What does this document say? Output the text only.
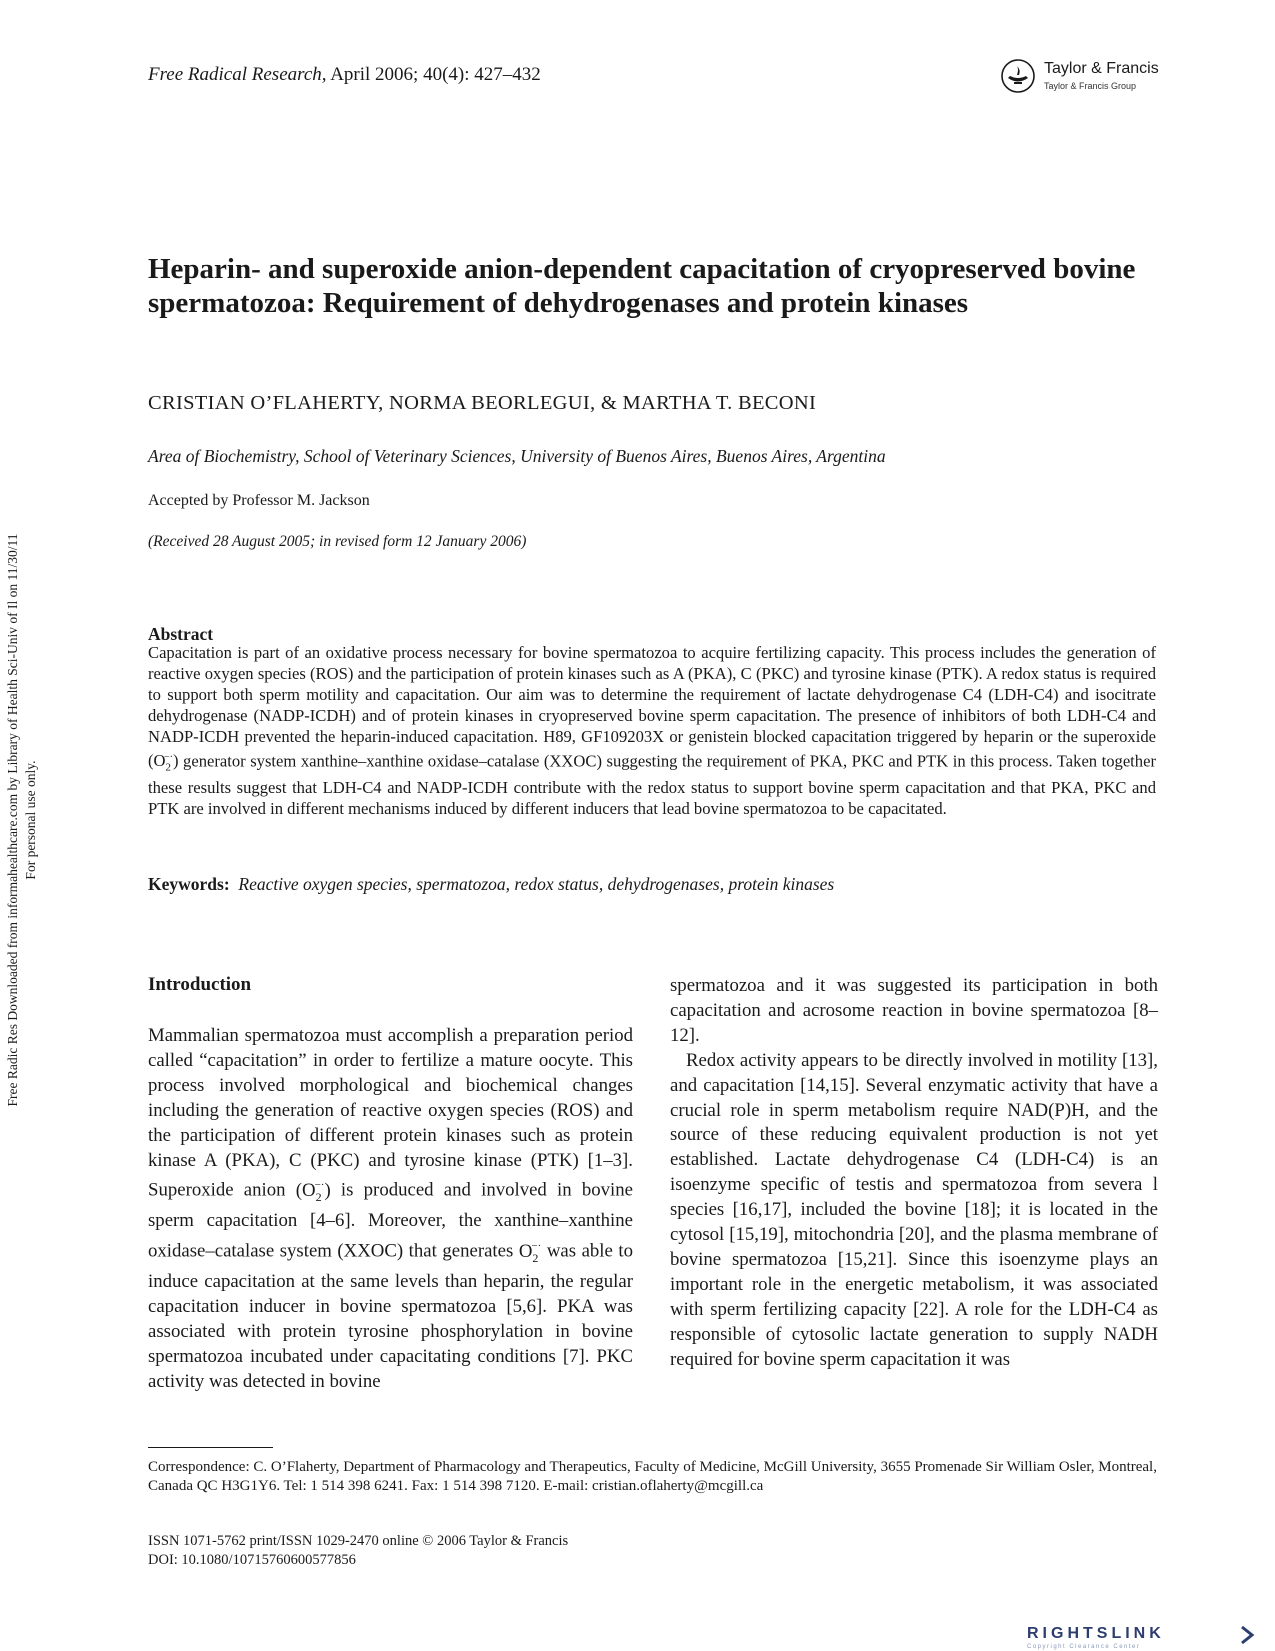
Free Radic Res Downloaded from informahealthcare.com by Library of Health Sci-Univ of Il on 11/30/11 For personal use only.
Free Radical Research, April 2006; 40(4): 427–432	Taylor & Francis
Taylor & Francis Group
Heparin- and superoxide anion-dependent capacitation of cryopreserved bovine spermatozoa: Requirement of dehydrogenases and protein kinases
CRISTIAN O’FLAHERTY, NORMA BEORLEGUI, & MARTHA T. BECONI
Area of Biochemistry, School of Veterinary Sciences, University of Buenos Aires, Buenos Aires, Argentina
Accepted by Professor M. Jackson
(Received 28 August 2005; in revised form 12 January 2006)
Abstract
Capacitation is part of an oxidative process necessary for bovine spermatozoa to acquire fertilizing capacity. This process includes the generation of reactive oxygen species (ROS) and the participation of protein kinases such as A (PKA), C (PKC) and tyrosine kinase (PTK). A redox status is required to support both sperm motility and capacitation. Our aim was to determine the requirement of lactate dehydrogenase C4 (LDH-C4) and isocitrate dehydrogenase (NADP-ICDH) and of protein kinases in cryopreserved bovine sperm capacitation. The presence of inhibitors of both LDH-C4 and NADP-ICDH prevented the heparin-induced capacitation. H89, GF109203X or genistein blocked capacitation triggered by heparin or the superoxide $(O_2^{-\cdot})$ generator system xanthine–xanthine oxidase–catalase (XXOC) suggesting the requirement of PKA, PKC and PTK in this process. Taken together these results suggest that LDH-C4 and NADP-ICDH contribute with the redox status to support bovine sperm capacitation and that PKA, PKC and PTK are involved in different mechanisms induced by different inducers that lead bovine spermatozoa to be capacitated.
Keywords: Reactive oxygen species, spermatozoa, redox status, dehydrogenases, protein kinases
Introduction

Mammalian spermatozoa must accomplish a preparation period called “capacitation” in order to fertilize a mature oocyte. This process involved morphological and biochemical changes including the generation of reactive oxygen species (ROS) and the participation of different protein kinases such as protein kinase A (PKA), C (PKC) and tyrosine kinase (PTK) [1–3]. Superoxide anion $(O_2^{-\cdot})$ is produced and involved in bovine sperm capacitation [4–6]. Moreover, the xanthine–xanthine oxidase–catalase system (XXOC) that generates $O_2^{-\cdot}$ was able to induce capacitation at the same levels than heparin, the regular capacitation inducer in bovine spermatozoa [5,6]. PKA was associated with protein tyrosine phosphorylation in bovine spermatozoa incubated under capacitating conditions [7]. PKC activity was detected in bovine

spermatozoa and it was suggested its participation in both capacitation and acrosome reaction in bovine spermatozoa [8–12].

Redox activity appears to be directly involved in motility [13], and capacitation [14,15]. Several enzymatic activity that have a crucial role in sperm metabolism require NAD(P)H, and the source of these reducing equivalent production is not yet established. Lactate dehydrogenase C4 (LDH-C4) is an isoenzyme specific of testis and spermatozoa from severa l species [16,17], included the bovine [18]; it is located in the cytosol [15,19], mitochondria [20], and the plasma membrane of bovine spermatozoa [15,21]. Since this isoenzyme plays an important role in the energetic metabolism, it was associated with sperm fertilizing capacity [22]. A role for the LDH-C4 as responsible of cytosolic lactate generation to supply NADH required for bovine sperm capacitation it was

Correspondence: C. O’Flaherty, Department of Pharmacology and Therapeutics, Faculty of Medicine, McGill University, 3655 Promenade Sir William Osler, Montreal, Canada QC H3G1Y6. Tel: 1 514 398 6241. Fax: 1 514 398 7120. E-mail: cristian.oflaherty@mcgill.ca
ISSN 1071-5762 print/ISSN 1029-2470 online © 2006 Taylor & Francis
DOI: 10.1080/10715760600577856
RIGHTSLINK
Copyright Clearance Center
